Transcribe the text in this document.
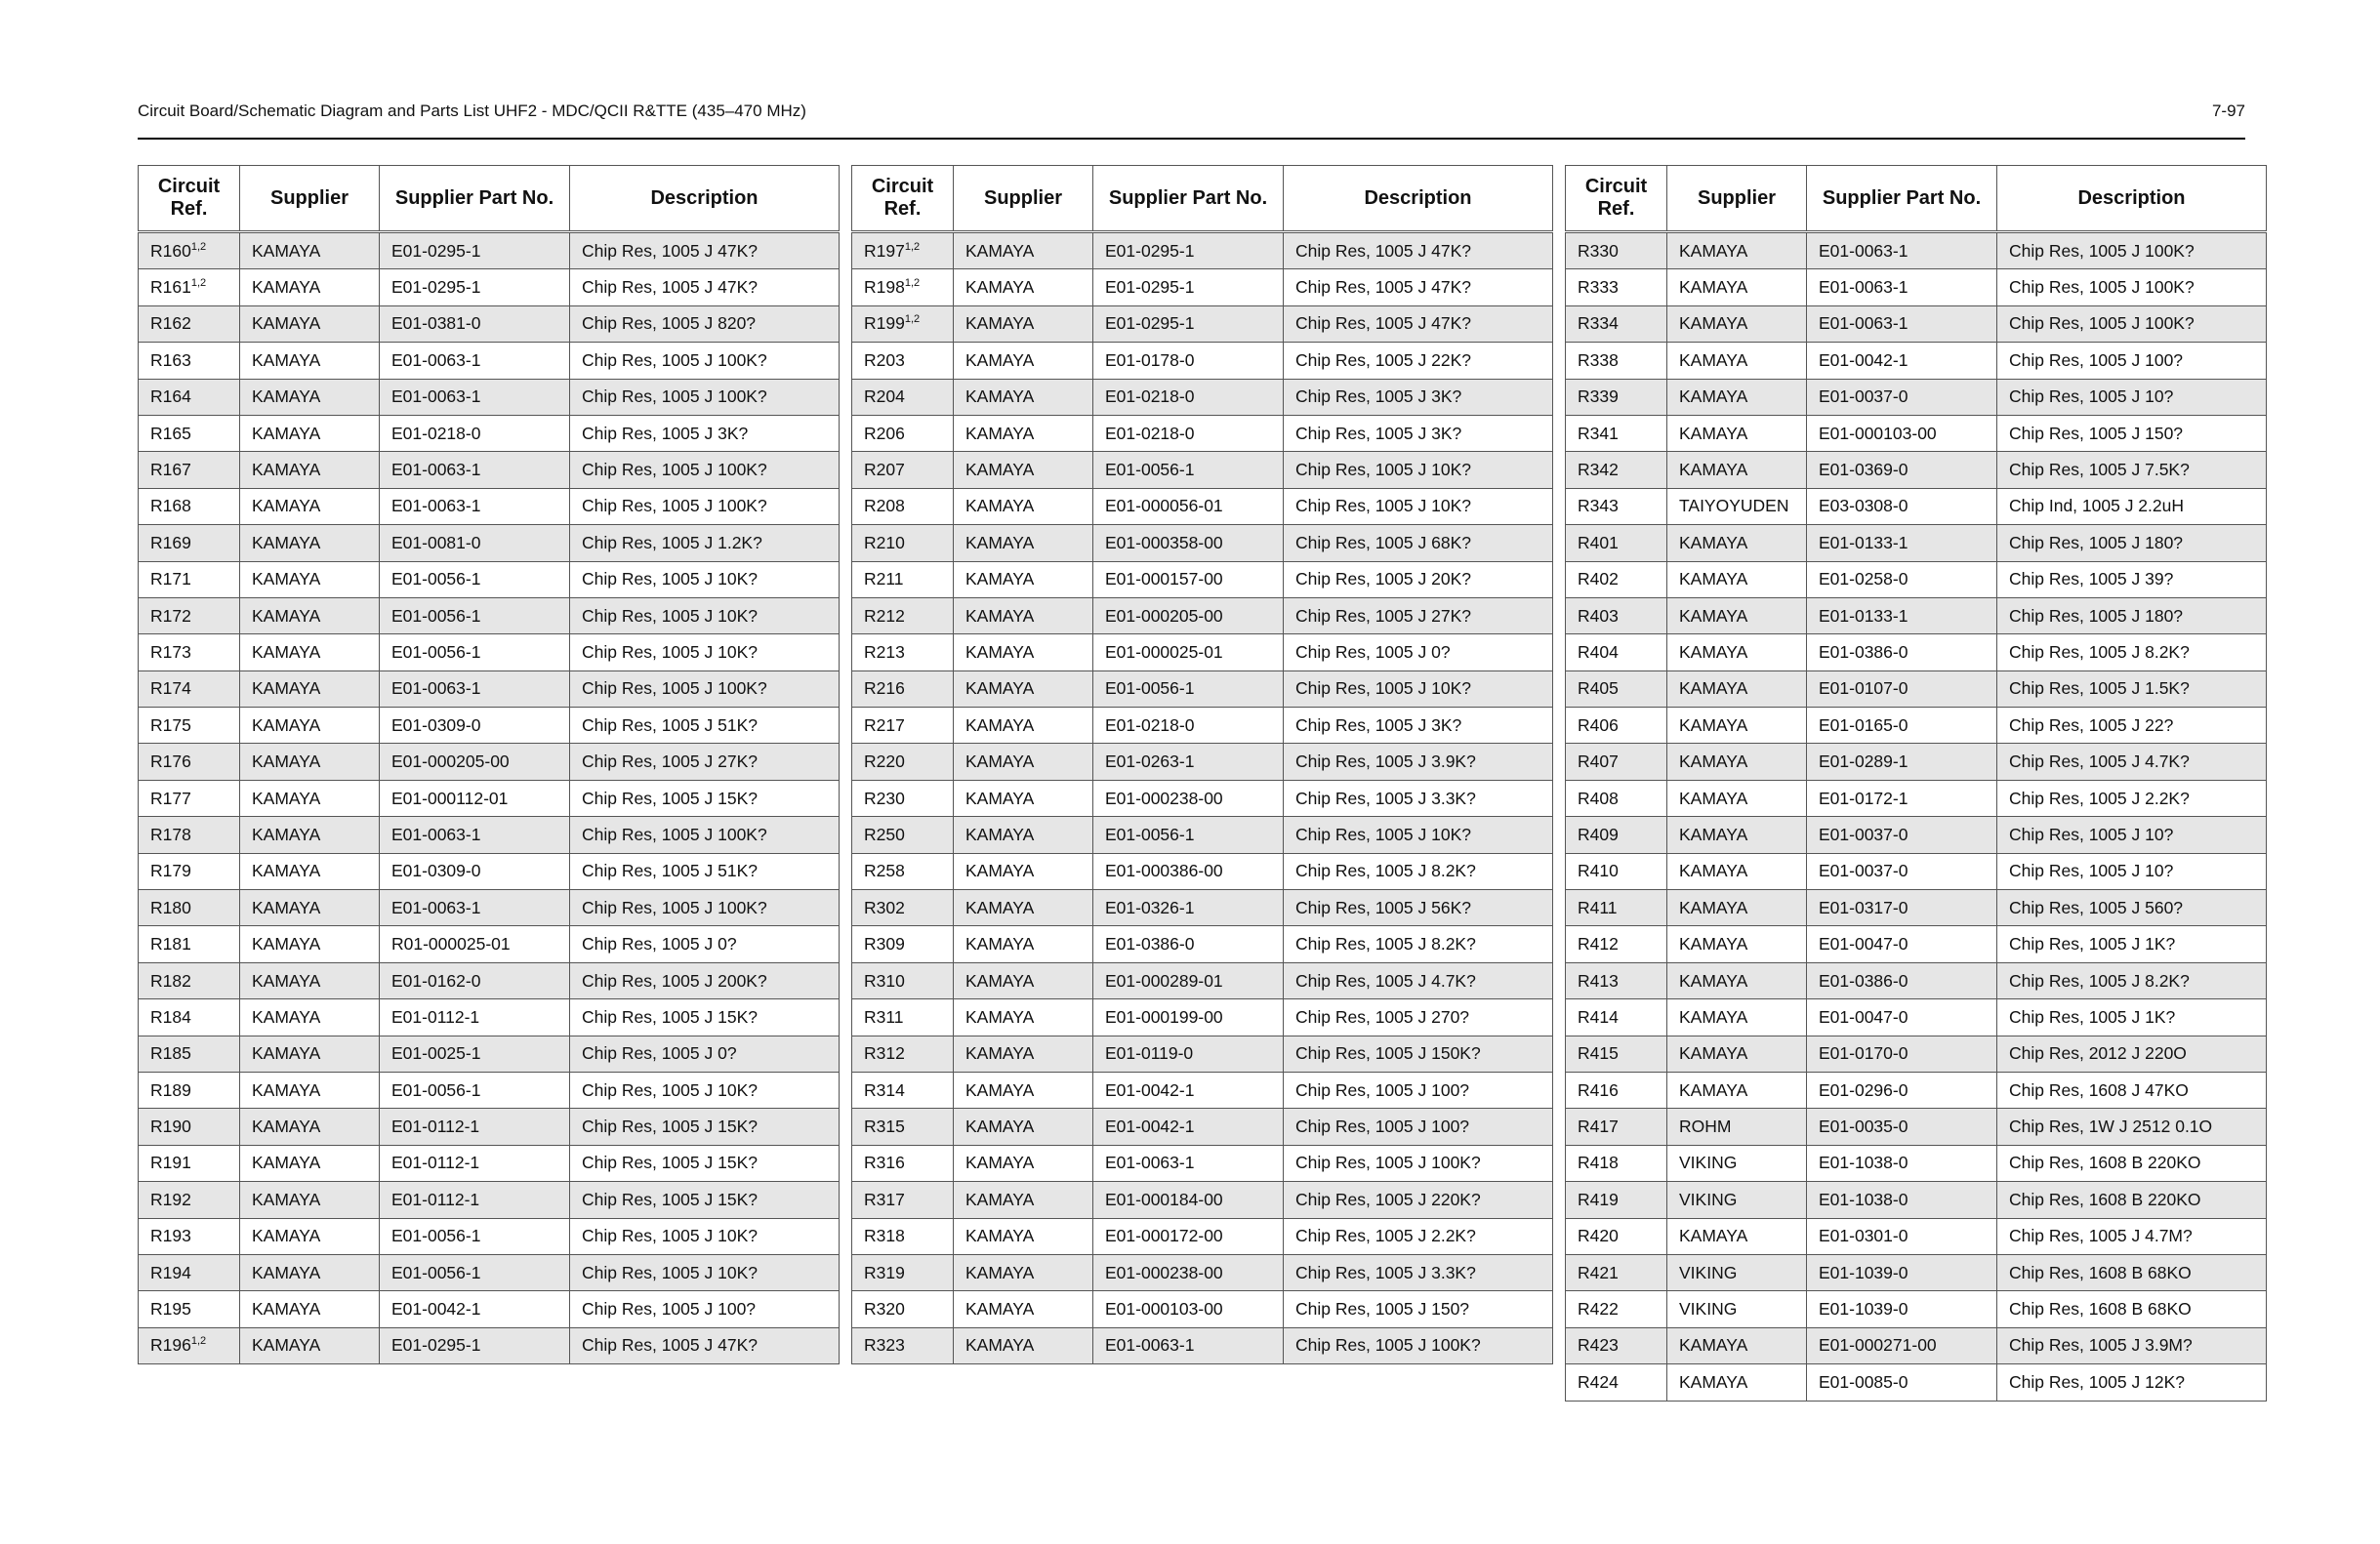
Circuit Board/Schematic Diagram and Parts List UHF2 - MDC/QCII R&TTE (435–470 MHz)	7-97
Circuit Ref.	Supplier	Supplier Part No.	Description
R160$^{1,2}$	KAMAYA	E01-0295-1	Chip Res, 1005 J 47K?
R161$^{1,2}$	KAMAYA	E01-0295-1	Chip Res, 1005 J 47K?
R162	KAMAYA	E01-0381-0	Chip Res, 1005 J 820?
R163	KAMAYA	E01-0063-1	Chip Res, 1005 J 100K?
R164	KAMAYA	E01-0063-1	Chip Res, 1005 J 100K?
R165	KAMAYA	E01-0218-0	Chip Res, 1005 J 3K?
R167	KAMAYA	E01-0063-1	Chip Res, 1005 J 100K?
R168	KAMAYA	E01-0063-1	Chip Res, 1005 J 100K?
R169	KAMAYA	E01-0081-0	Chip Res, 1005 J 1.2K?
R171	KAMAYA	E01-0056-1	Chip Res, 1005 J 10K?
R172	KAMAYA	E01-0056-1	Chip Res, 1005 J 10K?
R173	KAMAYA	E01-0056-1	Chip Res, 1005 J 10K?
R174	KAMAYA	E01-0063-1	Chip Res, 1005 J 100K?
R175	KAMAYA	E01-0309-0	Chip Res, 1005 J 51K?
R176	KAMAYA	E01-000205-00	Chip Res, 1005 J 27K?
R177	KAMAYA	E01-000112-01	Chip Res, 1005 J 15K?
R178	KAMAYA	E01-0063-1	Chip Res, 1005 J 100K?
R179	KAMAYA	E01-0309-0	Chip Res, 1005 J 51K?
R180	KAMAYA	E01-0063-1	Chip Res, 1005 J 100K?
R181	KAMAYA	R01-000025-01	Chip Res, 1005 J 0?
R182	KAMAYA	E01-0162-0	Chip Res, 1005 J 200K?
R184	KAMAYA	E01-0112-1	Chip Res, 1005 J 15K?
R185	KAMAYA	E01-0025-1	Chip Res, 1005 J 0?
R189	KAMAYA	E01-0056-1	Chip Res, 1005 J 10K?
R190	KAMAYA	E01-0112-1	Chip Res, 1005 J 15K?
R191	KAMAYA	E01-0112-1	Chip Res, 1005 J 15K?
R192	KAMAYA	E01-0112-1	Chip Res, 1005 J 15K?
R193	KAMAYA	E01-0056-1	Chip Res, 1005 J 10K?
R194	KAMAYA	E01-0056-1	Chip Res, 1005 J 10K?
R195	KAMAYA	E01-0042-1	Chip Res, 1005 J 100?
R196$^{1,2}$	KAMAYA	E01-0295-1	Chip Res, 1005 J 47K?
Circuit Ref.	Supplier	Supplier Part No.	Description
R197$^{1,2}$	KAMAYA	E01-0295-1	Chip Res, 1005 J 47K?
R198$^{1,2}$	KAMAYA	E01-0295-1	Chip Res, 1005 J 47K?
R199$^{1,2}$	KAMAYA	E01-0295-1	Chip Res, 1005 J 47K?
R203	KAMAYA	E01-0178-0	Chip Res, 1005 J 22K?
R204	KAMAYA	E01-0218-0	Chip Res, 1005 J 3K?
R206	KAMAYA	E01-0218-0	Chip Res, 1005 J 3K?
R207	KAMAYA	E01-0056-1	Chip Res, 1005 J 10K?
R208	KAMAYA	E01-000056-01	Chip Res, 1005 J 10K?
R210	KAMAYA	E01-000358-00	Chip Res, 1005 J 68K?
R211	KAMAYA	E01-000157-00	Chip Res, 1005 J 20K?
R212	KAMAYA	E01-000205-00	Chip Res, 1005 J 27K?
R213	KAMAYA	E01-000025-01	Chip Res, 1005 J 0?
R216	KAMAYA	E01-0056-1	Chip Res, 1005 J 10K?
R217	KAMAYA	E01-0218-0	Chip Res, 1005 J 3K?
R220	KAMAYA	E01-0263-1	Chip Res, 1005 J 3.9K?
R230	KAMAYA	E01-000238-00	Chip Res, 1005 J 3.3K?
R250	KAMAYA	E01-0056-1	Chip Res, 1005 J 10K?
R258	KAMAYA	E01-000386-00	Chip Res, 1005 J 8.2K?
R302	KAMAYA	E01-0326-1	Chip Res, 1005 J 56K?
R309	KAMAYA	E01-0386-0	Chip Res, 1005 J 8.2K?
R310	KAMAYA	E01-000289-01	Chip Res, 1005 J 4.7K?
R311	KAMAYA	E01-000199-00	Chip Res, 1005 J 270?
R312	KAMAYA	E01-0119-0	Chip Res, 1005 J 150K?
R314	KAMAYA	E01-0042-1	Chip Res, 1005 J 100?
R315	KAMAYA	E01-0042-1	Chip Res, 1005 J 100?
R316	KAMAYA	E01-0063-1	Chip Res, 1005 J 100K?
R317	KAMAYA	E01-000184-00	Chip Res, 1005 J 220K?
R318	KAMAYA	E01-000172-00	Chip Res, 1005 J 2.2K?
R319	KAMAYA	E01-000238-00	Chip Res, 1005 J 3.3K?
R320	KAMAYA	E01-000103-00	Chip Res, 1005 J 150?
R323	KAMAYA	E01-0063-1	Chip Res, 1005 J 100K?
Circuit Ref.	Supplier	Supplier Part No.	Description
R330	KAMAYA	E01-0063-1	Chip Res, 1005 J 100K?
R333	KAMAYA	E01-0063-1	Chip Res, 1005 J 100K?
R334	KAMAYA	E01-0063-1	Chip Res, 1005 J 100K?
R338	KAMAYA	E01-0042-1	Chip Res, 1005 J 100?
R339	KAMAYA	E01-0037-0	Chip Res, 1005 J 10?
R341	KAMAYA	E01-000103-00	Chip Res, 1005 J 150?
R342	KAMAYA	E01-0369-0	Chip Res, 1005 J 7.5K?
R343	TAIYOYUDEN	E03-0308-0	Chip Ind, 1005 J 2.2uH
R401	KAMAYA	E01-0133-1	Chip Res, 1005 J 180?
R402	KAMAYA	E01-0258-0	Chip Res, 1005 J 39?
R403	KAMAYA	E01-0133-1	Chip Res, 1005 J 180?
R404	KAMAYA	E01-0386-0	Chip Res, 1005 J 8.2K?
R405	KAMAYA	E01-0107-0	Chip Res, 1005 J 1.5K?
R406	KAMAYA	E01-0165-0	Chip Res, 1005 J 22?
R407	KAMAYA	E01-0289-1	Chip Res, 1005 J 4.7K?
R408	KAMAYA	E01-0172-1	Chip Res, 1005 J 2.2K?
R409	KAMAYA	E01-0037-0	Chip Res, 1005 J 10?
R410	KAMAYA	E01-0037-0	Chip Res, 1005 J 10?
R411	KAMAYA	E01-0317-0	Chip Res, 1005 J 560?
R412	KAMAYA	E01-0047-0	Chip Res, 1005 J 1K?
R413	KAMAYA	E01-0386-0	Chip Res, 1005 J 8.2K?
R414	KAMAYA	E01-0047-0	Chip Res, 1005 J 1K?
R415	KAMAYA	E01-0170-0	Chip Res, 2012 J 220O
R416	KAMAYA	E01-0296-0	Chip Res, 1608 J 47KO
R417	ROHM	E01-0035-0	Chip Res, 1W J 2512 0.1O
R418	VIKING	E01-1038-0	Chip Res, 1608 B 220KO
R419	VIKING	E01-1038-0	Chip Res, 1608 B 220KO
R420	KAMAYA	E01-0301-0	Chip Res, 1005 J 4.7M?
R421	VIKING	E01-1039-0	Chip Res, 1608 B 68KO
R422	VIKING	E01-1039-0	Chip Res, 1608 B 68KO
R423	KAMAYA	E01-000271-00	Chip Res, 1005 J 3.9M?
R424	KAMAYA	E01-0085-0	Chip Res, 1005 J 12K?
